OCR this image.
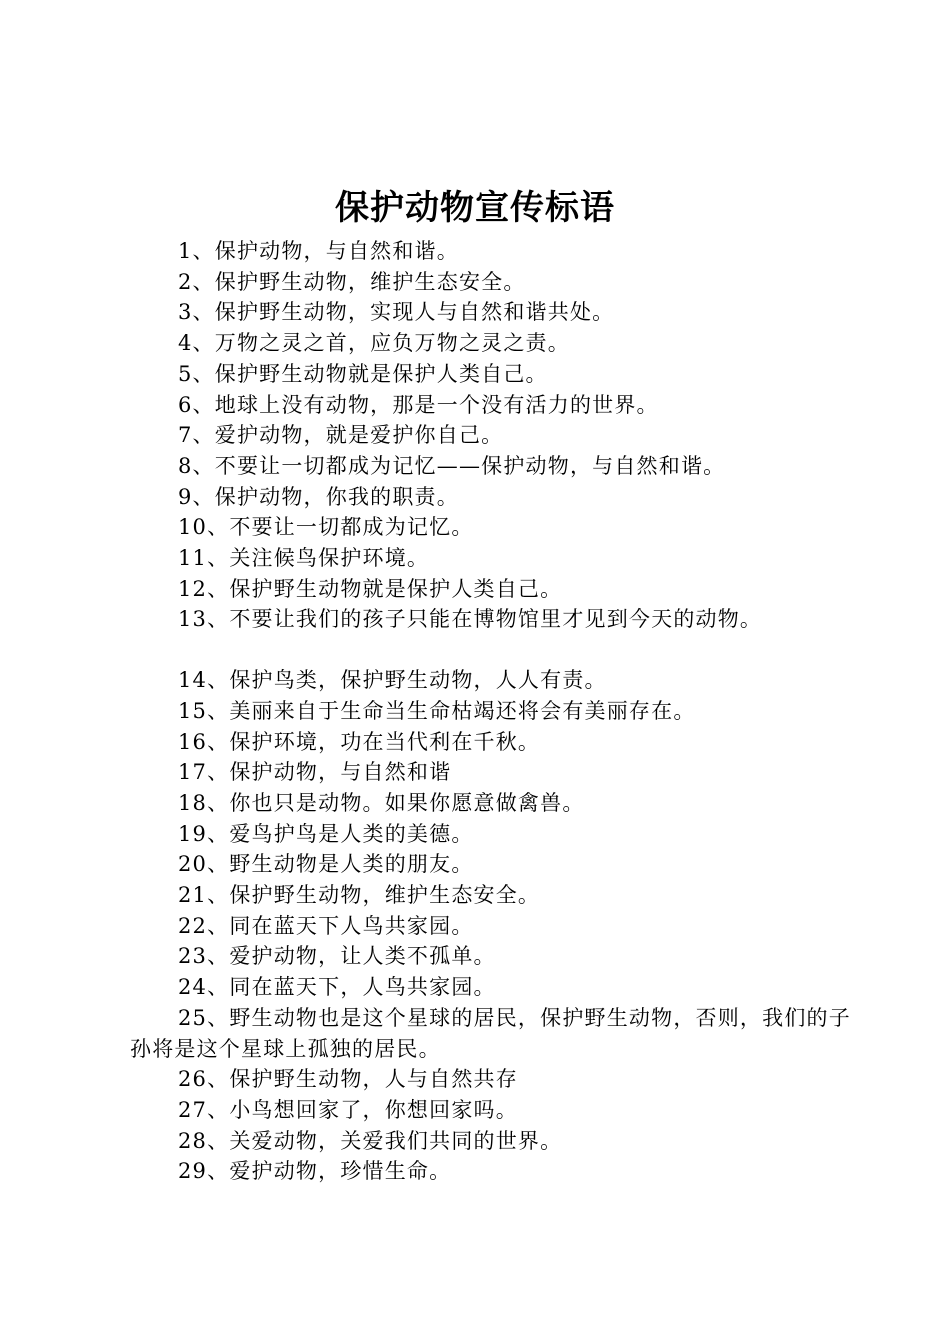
保护动物宣传标语
1、保护动物，与自然和谐。
2、保护野生动物，维护生态安全。
3、保护野生动物，实现人与自然和谐共处。
4、万物之灵之首，应负万物之灵之责。
5、保护野生动物就是保护人类自己。
6、地球上没有动物，那是一个没有活力的世界。
7、爱护动物，就是爱护你自己。
8、不要让一切都成为记忆——保护动物，与自然和谐。
9、保护动物，你我的职责。
10、不要让一切都成为记忆。
11、关注候鸟保护环境。
12、保护野生动物就是保护人类自己。
13、不要让我们的孩子只能在博物馆里才见到今天的动物。
14、保护鸟类，保护野生动物，人人有责。
15、美丽来自于生命当生命枯竭还将会有美丽存在。
16、保护环境，功在当代利在千秋。
17、保护动物，与自然和谐
18、你也只是动物。如果你愿意做禽兽。
19、爱鸟护鸟是人类的美德。
20、野生动物是人类的朋友。
21、保护野生动物，维护生态安全。
22、同在蓝天下人鸟共家园。
23、爱护动物，让人类不孤单。
24、同在蓝天下，人鸟共家园。
25、野生动物也是这个星球的居民，保护野生动物，否则，我们的子孙将是这个星球上孤独的居民。
26、保护野生动物，人与自然共存
27、小鸟想回家了，你想回家吗。
28、关爱动物，关爱我们共同的世界。
29、爱护动物，珍惜生命。
